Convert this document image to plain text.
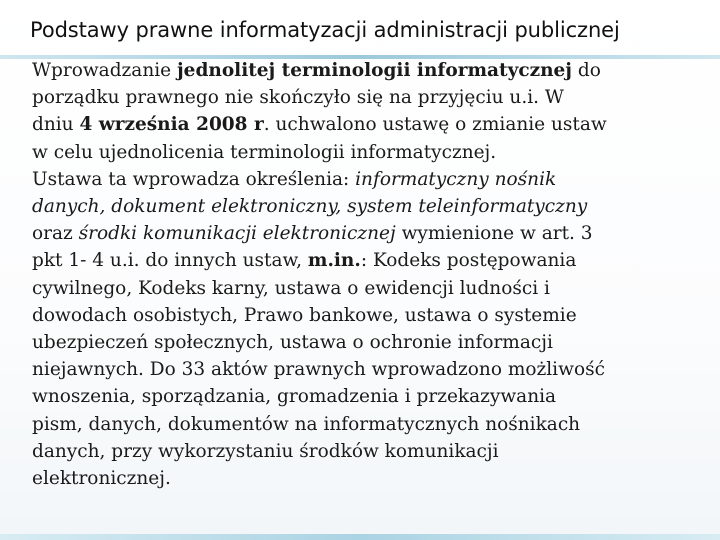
Podstawy prawne informatyzacji administracji publicznej

Wprowadzanie jednolitej terminologii informatycznej do
porządku prawnego nie skończyło się na przyjęciu u.i. W
dniu 4 września 2008 r. uchwalono ustawę o zmianie ustaw
w celu ujednolicenia terminologii informatycznej.

Ustawa ta wprowadza określenia: informatyczny nośnik
danych, dokument elektroniczny, system teleinformatyczny
oraz środki komunikacji elektronicznej wymienione w art. 3
pkt 1- 4 u.i. do innych ustaw, m.in.: Kodeks postępowania
cywilnego, Kodeks karny, ustawa o ewidencji ludności i
dowodach osobistych, Prawo bankowe, ustawa o systemie
ubezpieczeń społecznych, ustawa o ochronie informacji
niejawnych. Do 33 aktów prawnych wprowadzono możliwość
wnoszenia, sporządzania, gromadzenia i przekazywania
pism, danych, dokumentów na informatycznych nośnikach
danych, przy wykorzystaniu środków komunikacji
elektronicznej.
